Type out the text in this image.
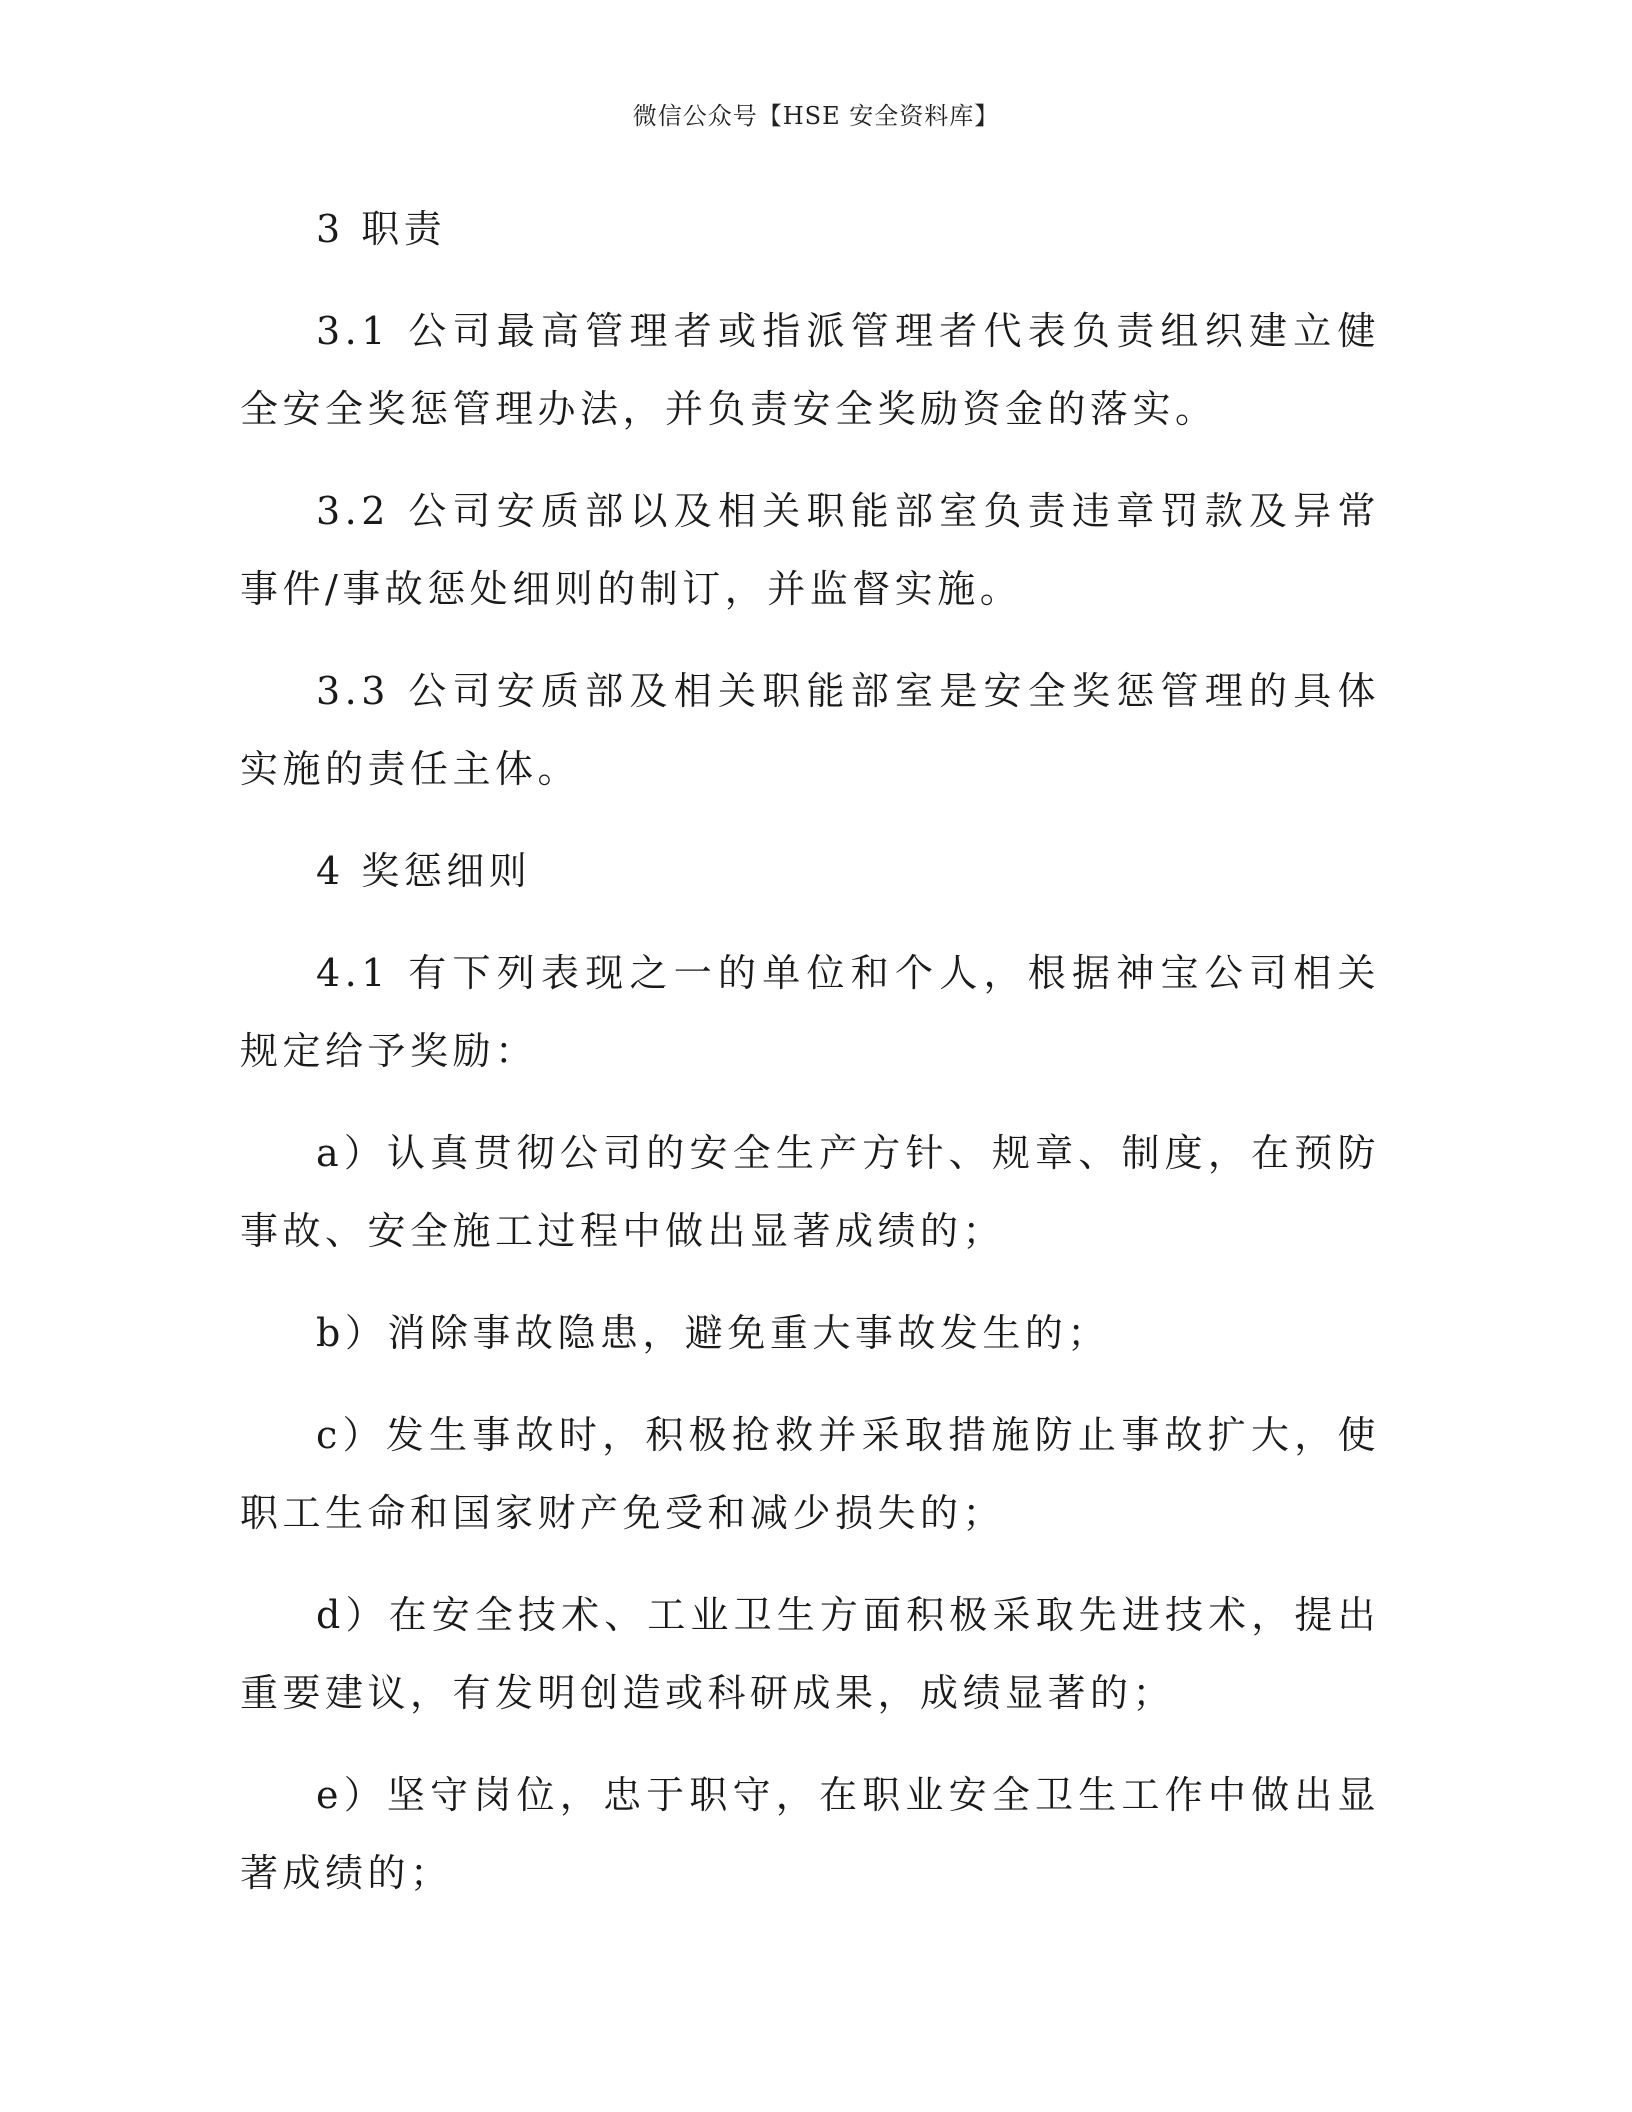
微信公众号【HSE 安全资料库】

3 职责

3.1 公司最高管理者或指派管理者代表负责组织建立健全安全奖惩管理办法，并负责安全奖励资金的落实。

3.2 公司安质部以及相关职能部室负责违章罚款及异常事件/事故惩处细则的制订，并监督实施。

3.3 公司安质部及相关职能部室是安全奖惩管理的具体实施的责任主体。

4 奖惩细则

4.1 有下列表现之一的单位和个人，根据神宝公司相关规定给予奖励：

a）认真贯彻公司的安全生产方针、规章、制度，在预防事故、安全施工过程中做出显著成绩的；

b）消除事故隐患，避免重大事故发生的；

c）发生事故时，积极抢救并采取措施防止事故扩大，使职工生命和国家财产免受和减少损失的；

d）在安全技术、工业卫生方面积极采取先进技术，提出重要建议，有发明创造或科研成果，成绩显著的；

e）坚守岗位，忠于职守，在职业安全卫生工作中做出显著成绩的；
